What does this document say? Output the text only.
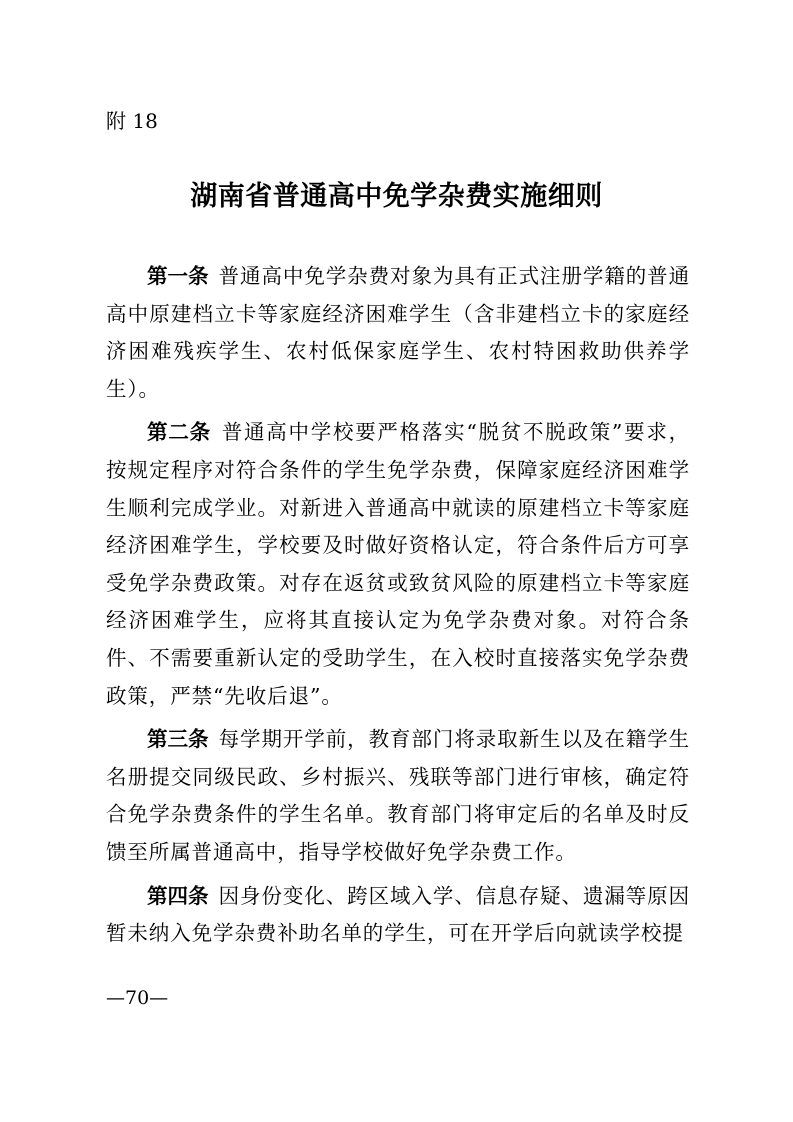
附 18

湖南省普通高中免学杂费实施细则

第一条 普通高中免学杂费对象为具有正式注册学籍的普通高中原建档立卡等家庭经济困难学生（含非建档立卡的家庭经济困难残疾学生、农村低保家庭学生、农村特困救助供养学生）。

第二条 普通高中学校要严格落实“脱贫不脱政策”要求，按规定程序对符合条件的学生免学杂费，保障家庭经济困难学生顺利完成学业。对新进入普通高中就读的原建档立卡等家庭经济困难学生，学校要及时做好资格认定，符合条件后方可享受免学杂费政策。对存在返贫或致贫风险的原建档立卡等家庭经济困难学生，应将其直接认定为免学杂费对象。对符合条件、不需要重新认定的受助学生，在入校时直接落实免学杂费政策，严禁“先收后退”。

第三条 每学期开学前，教育部门将录取新生以及在籍学生名册提交同级民政、乡村振兴、残联等部门进行审核，确定符合免学杂费条件的学生名单。教育部门将审定后的名单及时反馈至所属普通高中，指导学校做好免学杂费工作。

第四条 因身份变化、跨区域入学、信息存疑、遗漏等原因暂未纳入免学杂费补助名单的学生，可在开学后向就读学校提

—70—
